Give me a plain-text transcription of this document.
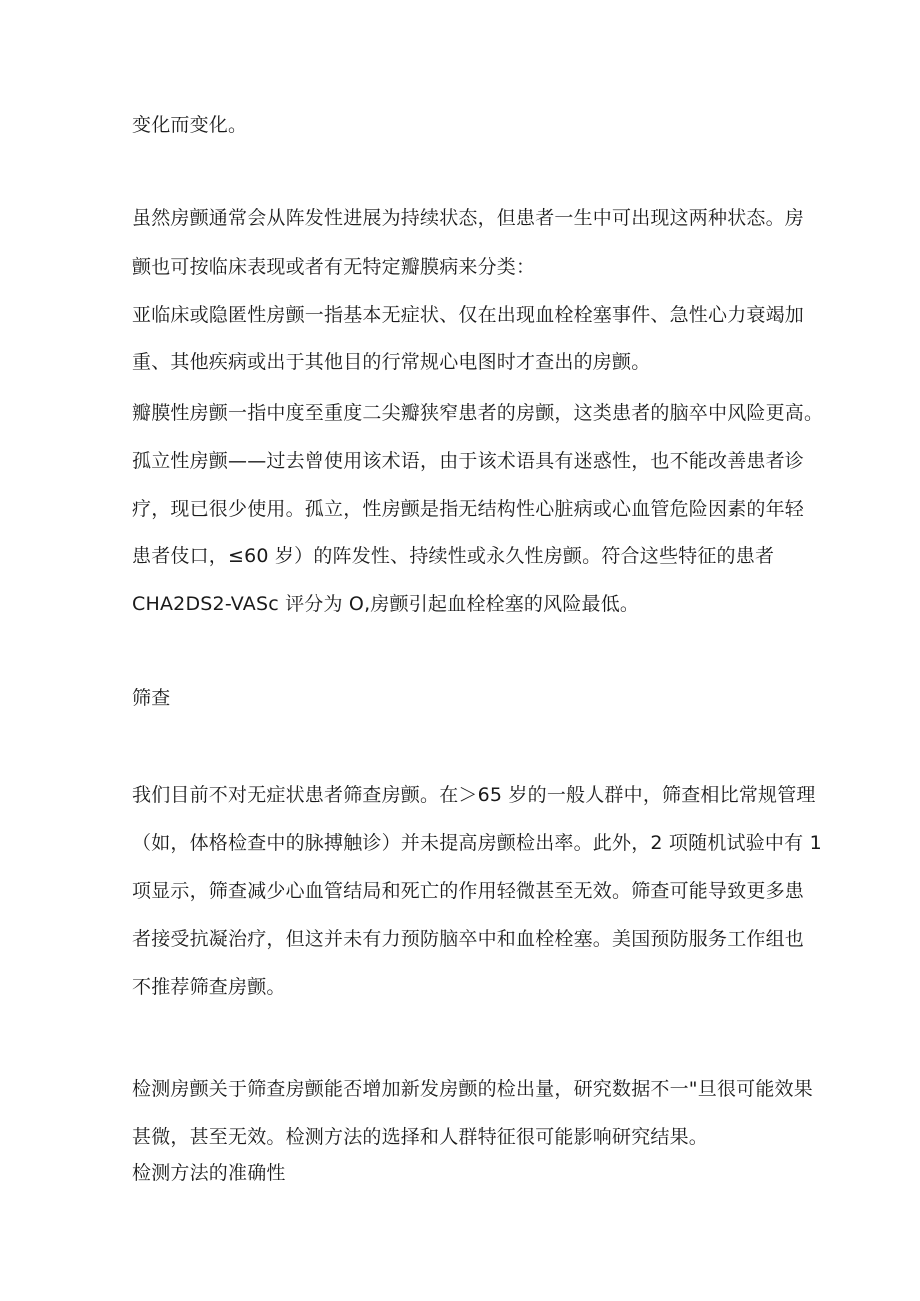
变化而变化。
虽然房颤通常会从阵发性进展为持续状态，但患者一生中可出现这两种状态。房
颤也可按临床表现或者有无特定瓣膜病来分类：
亚临床或隐匿性房颤一指基本无症状、仅在出现血栓栓塞事件、急性心力衰竭加
重、其他疾病或出于其他目的行常规心电图时才查出的房颤。
瓣膜性房颤一指中度至重度二尖瓣狭窄患者的房颤，这类患者的脑卒中风险更高。
孤立性房颤——过去曾使用该术语，由于该术语具有迷惑性，也不能改善患者诊
疗，现已很少使用。孤立，性房颤是指无结构性心脏病或心血管危险因素的年轻
患者伎口，≤60 岁）的阵发性、持续性或永久性房颤。符合这些特征的患者
CHA2DS2-VASc 评分为 O,房颤引起血栓栓塞的风险最低。
筛查
我们目前不对无症状患者筛查房颤。在＞65 岁的一般人群中，筛查相比常规管理
（如，体格检查中的脉搏触诊）并未提高房颤检出率。此外，2 项随机试验中有 1
项显示，筛查减少心血管结局和死亡的作用轻微甚至无效。筛查可能导致更多患
者接受抗凝治疗，但这并未有力预防脑卒中和血栓栓塞。美国预防服务工作组也
不推荐筛查房颤。
检测房颤关于筛查房颤能否增加新发房颤的检出量，研究数据不一"旦很可能效果
甚微，甚至无效。检测方法的选择和人群特征很可能影响研究结果。
检测方法的准确性
